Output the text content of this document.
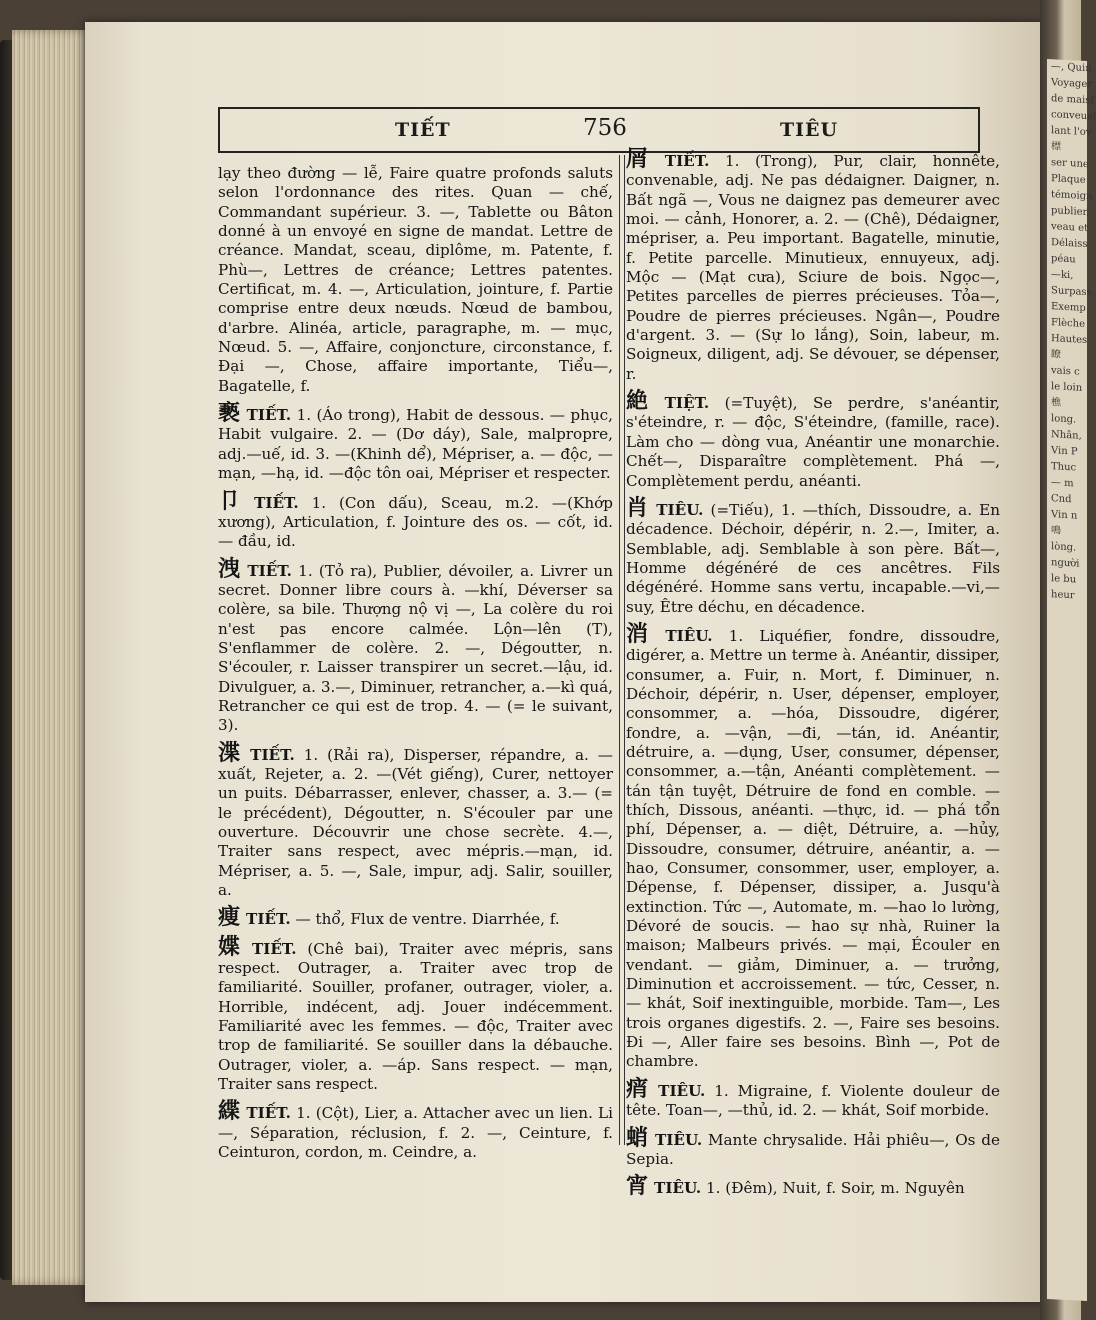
—, Quin
Voyager
de maisf
conveual
lant l'ov
標
ser une
Plaque
témoign
publier,
veau et
Délaiss
péau
—ki,
Surpass
Exemp
Flèche
Hautes
瞭
vais c
le loin
樵
long.
Nhân,
Vin P
Thuc
— m
Cnd
Vin n
鳴
lòng.
người
le bu
heur
TIẾT	756	TIÊU

lạy theo đường — lễ, Faire quatre profonds saluts selon l'ordonnance des rites. Quan — chế, Commandant supérieur. 3. —, Tablette ou Bâton donné à un envoyé en signe de mandat. Lettre de créance. Mandat, sceau, diplôme, m. Patente, f. Phù—, Lettres de créance; Lettres patentes. Certificat, m. 4. —, Articulation, jointure, f. Partie comprise entre deux nœuds. Nœud de bambou, d'arbre. Alinéa, article, paragraphe, m. — mục, Nœud. 5. —, Affaire, conjoncture, circonstance, f. Đại —, Chose, affaire importante, Tiểu—, Bagatelle, f.

褻 TIẾT. 1. (Áo trong), Habit de dessous. — phục, Habit vulgaire. 2. — (Dơ dáy), Sale, malpropre, adj.—uế, id. 3. —(Khinh dể), Mépriser, a. — độc, — mạn, —hạ, id. —độc tôn oai, Mépriser et respecter.

卩 TIẾT. 1. (Con dấu), Sceau, m.2. —(Khớp xương), Articulation, f. Jointure des os. — cốt, id. — đầu, id.

洩 TIẾT. 1. (Tỏ ra), Publier, dévoiler, a. Livrer un secret. Donner libre cours à. —khí, Déverser sa colère, sa bile. Thượng nộ vị —, La colère du roi n'est pas encore calmée. Lộn—lên (T), S'enflammer de colère. 2. —, Dégoutter, n. S'écouler, r. Laisser transpirer un secret.—lậu, id. Divulguer, a. 3.—, Diminuer, retrancher, a.—kì quá, Retrancher ce qui est de trop. 4. — (= le suivant, 3).

渫 TIẾT. 1. (Rải ra), Disperser, répandre, a. —xuất, Rejeter, a. 2. —(Vét giếng), Curer, nettoyer un puits. Débarrasser, enlever, chasser, a. 3.— (= le précédent), Dégoutter, n. S'écouler par une ouverture. Découvrir une chose secrète. 4.—, Traiter sans respect, avec mépris.—mạn, id. Mépriser, a. 5. —, Sale, impur, adj. Salir, souiller, a.

痩 TIẾT. — thổ, Flux de ventre. Diarrhée, f.

媟 TIẾT. (Chê bai), Traiter avec mépris, sans respect. Outrager, a. Traiter avec trop de familiarité. Souiller, profaner, outrager, violer, a. Horrible, indécent, adj. Jouer indécemment. Familiarité avec les femmes. — độc, Traiter avec trop de familiarité. Se souiller dans la débauche. Outrager, violer, a. —áp. Sans respect. — mạn, Traiter sans respect.

緤 TIẾT. 1. (Cột), Lier, a. Attacher avec un lien. Li —, Séparation, réclusion, f. 2. —, Ceinture, f. Ceinturon, cordon, m. Ceindre, a.

屑 TIẾT. 1. (Trong), Pur, clair, honnête, convenable, adj. Ne pas dédaigner. Daigner, n. Bất ngã —, Vous ne daignez pas demeurer avec moi. — cảnh, Honorer, a. 2. — (Chê), Dédaigner, mépriser, a. Peu important. Bagatelle, minutie, f. Petite parcelle. Minutieux, ennuyeux, adj. Mộc — (Mạt cưa), Sciure de bois. Ngọc—, Petites parcelles de pierres précieuses. Tỏa—, Poudre de pierres précieuses. Ngân—, Poudre d'argent. 3. — (Sự lo lắng), Soin, labeur, m. Soigneux, diligent, adj. Se dévouer, se dépenser, r.

絶 TIỆT. (=Tuyệt), Se perdre, s'anéantir, s'éteindre, r. — độc, S'éteindre, (famille, race). Làm cho — dòng vua, Anéantir une monarchie. Chết—, Disparaître complètement. Phá —, Complètement perdu, anéanti.

肖 TIÊU. (=Tiếu), 1. —thích, Dissoudre, a. En décadence. Déchoir, dépérir, n. 2.—, Imiter, a. Semblable, adj. Semblable à son père. Bất—, Homme dégénéré de ces ancêtres. Fils dégénéré. Homme sans vertu, incapable.—vi,—suy, Être déchu, en décadence.

消 TIÊU. 1. Liquéfier, fondre, dissoudre, digérer, a. Mettre un terme à. Anéantir, dissiper, consumer, a. Fuir, n. Mort, f. Diminuer, n. Déchoir, dépérir, n. User, dépenser, employer, consommer, a. —hóa, Dissoudre, digérer, fondre, a. —vận, —đi, —tán, id. Anéantir, détruire, a. —dụng, User, consumer, dépenser, consommer, a.—tận, Anéanti complètement. — tán tận tuyệt, Détruire de fond en comble. — thích, Dissous, anéanti. —thực, id. — phá tổn phí, Dépenser, a. — diệt, Détruire, a. —hủy, Dissoudre, consumer, détruire, anéantir, a. — hao, Consumer, consommer, user, employer, a. Dépense, f. Dépenser, dissiper, a. Jusqu'à extinction. Tức —, Automate, m. —hao lo lường, Dévoré de soucis. — hao sự nhà, Ruiner la maison; Malbeurs privés. — mại, Écouler en vendant. — giảm, Diminuer, a. — trưởng, Diminution et accroissement. — tức, Cesser, n. — khát, Soif inextinguible, morbide. Tam—, Les trois organes digestifs. 2. —, Faire ses besoins. Đi —, Aller faire ses besoins. Bình —, Pot de chambre.

痟 TIÊU. 1. Migraine, f. Violente douleur de tête. Toan—, —thủ, id. 2. — khát, Soif morbide.

蛸 TIÊU. Mante chrysalide. Hải phiêu—, Os de Sepia.

宵 TIÊU. 1. (Đêm), Nuit, f. Soir, m. Nguyên
